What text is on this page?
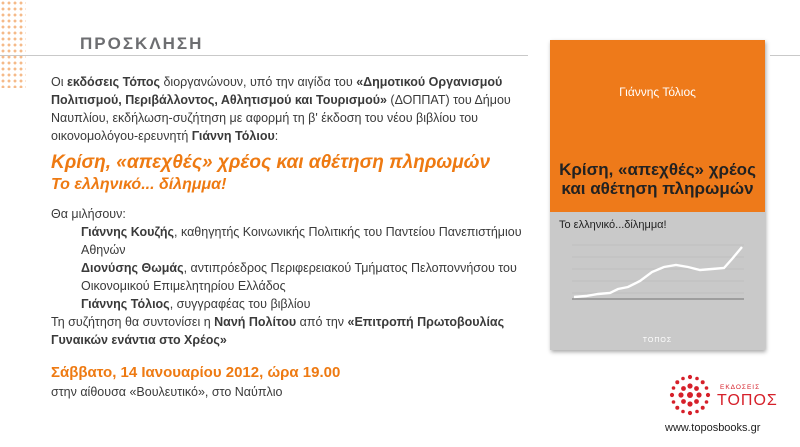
ΠΡΟΣΚΛΗΣΗ

Οι εκδόσεις Τόπος διοργανώνουν, υπό την αιγίδα του «Δημοτικού Οργανισμού Πολιτισμού, Περιβάλλοντος, Αθλητισμού και Τουρισμού» (ΔΟΠΠΑΤ) του Δήμου Ναυπλίου, εκδήλωση-συζήτηση με αφορμή τη β' έκδοση του νέου βιβλίου του οικονομολόγου-ερευνητή Γιάννη Τόλιου:

Κρίση, «απεχθές» χρέος και αθέτηση πληρωμών
Το ελληνικό... δίλημμα!

Θα μιλήσουν:

Γιάννης Κουζής, καθηγητής Κοινωνικής Πολιτικής του Παντείου Πανεπιστήμιου Αθηνών

Διονύσης Θωμάς, αντιπρόεδρος Περιφερειακού Τμήματος Πελοποννήσου του Οικονομικού Επιμελητηρίου Ελλάδος

Γιάννης Τόλιος, συγγραφέας του βιβλίου

Τη συζήτηση θα συντονίσει η Νανή Πολίτου από την «Επιτροπή Πρωτοβουλίας Γυναικών ενάντια στο Χρέος»

Σάββατο, 14 Ιανουαρίου 2012, ώρα 19.00

στην αίθουσα «Βουλευτικό», στο Ναύπλιο

Γιάννης Τόλιος
Κρίση, «απεχθές» χρέος
και αθέτηση πληρωμών
Το ελληνικό...δίλημμα!
ΤΟΠΟΣ
ΕΚΔΟΣΕΙΣ
ΤΟΠΟΣ
www.toposbooks.gr
